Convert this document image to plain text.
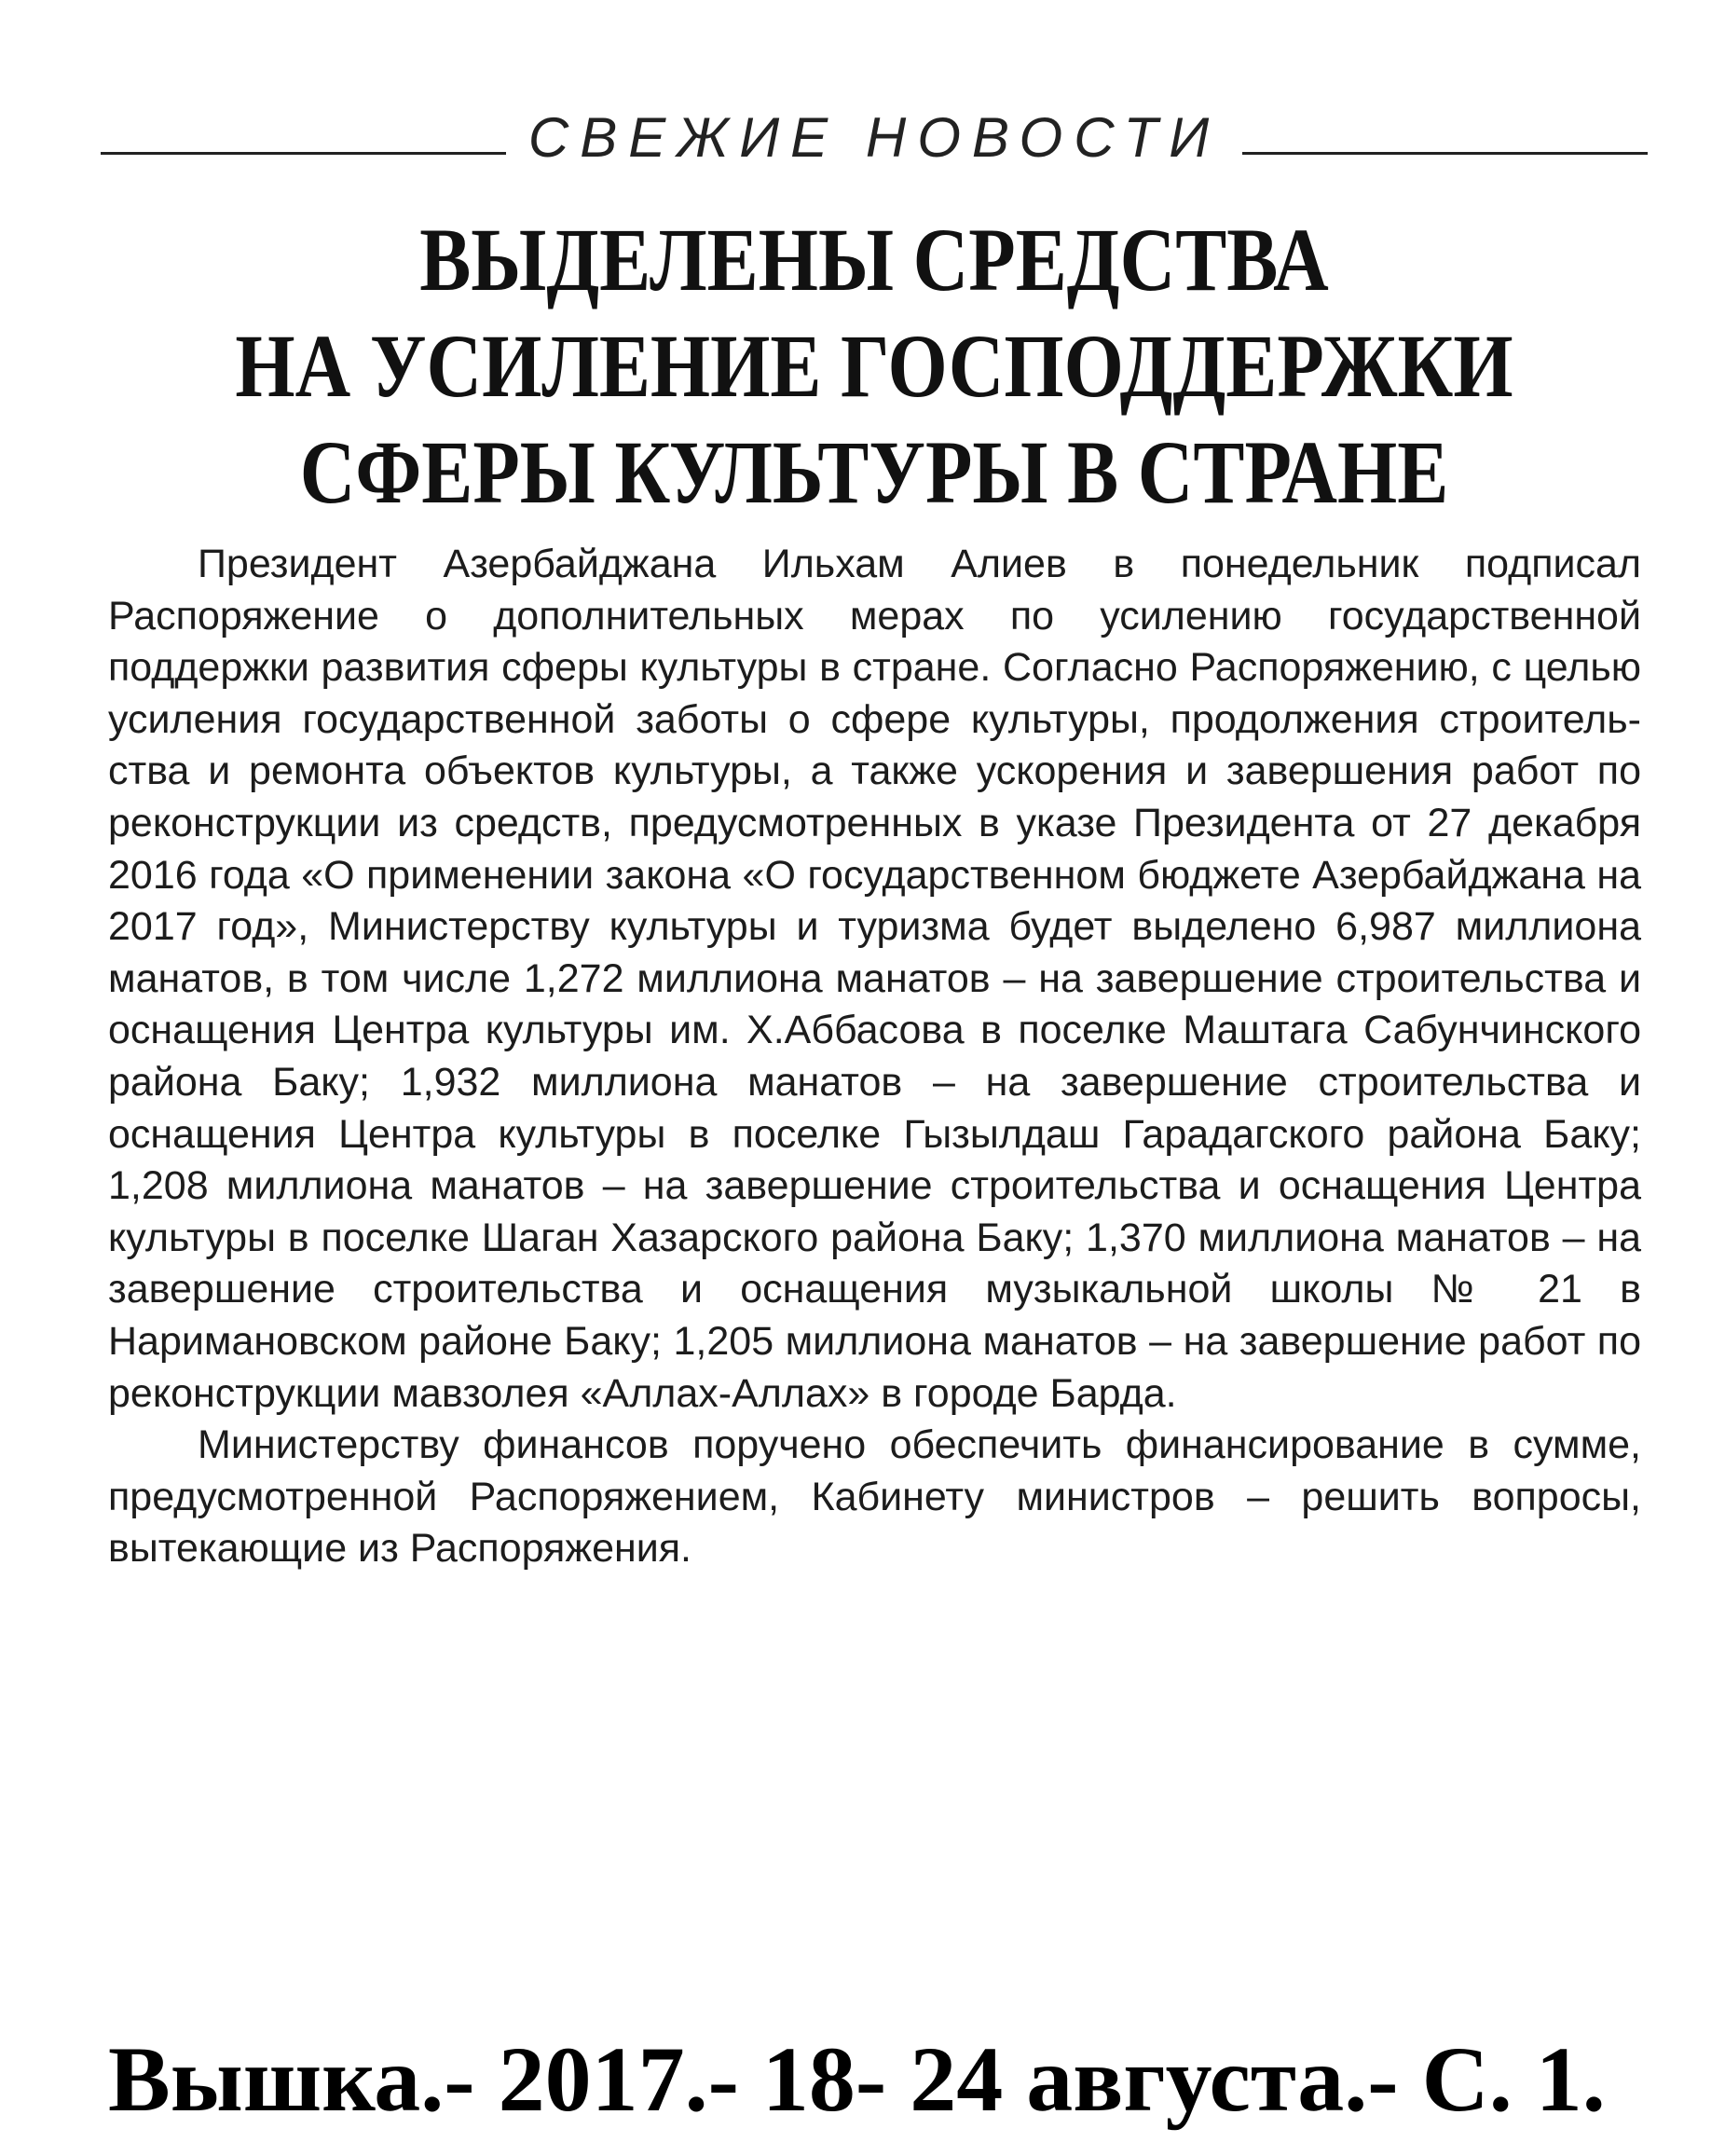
СВЕЖИЕ НОВОСТИ
ВЫДЕЛЕНЫ СРЕДСТВА
НА УСИЛЕНИЕ ГОСПОДДЕРЖКИ
СФЕРЫ КУЛЬТУРЫ В СТРАНЕ

Президент Азербайджана Ильхам Алиев в понедельник подписал Распоряжение о дополнительных мерах по усилению государственной поддержки развития сферы культуры в стране. Согласно Распоряжению, с целью усиления государственной заботы о сфере культуры, продолжения строительства и ремонта объектов культуры, а также ускорения и завершения работ по реконструкции из средств, предусмотренных в указе Президента от 27 декабря 2016 года «О применении закона «О государственном бюджете Азербайджана на 2017 год», Министерству культуры и туризма будет выделено 6,987 миллиона манатов, в том числе 1,272 миллиона манатов – на завершение строительства и оснащения Центра культуры им. Х.Аббасова в поселке Маштага Сабунчинского района Баку; 1,932 миллиона манатов – на завершение строительства и оснащения Центра культуры в поселке Гызылдаш Гарадагского района Баку; 1,208 миллиона манатов – на завершение строительства и оснащения Центра культуры в поселке Шаган Хазарского района Баку; 1,370 миллиона манатов – на завершение строительства и оснащения музыкальной школы № 21 в Наримановском районе Баку; 1,205 миллиона манатов – на завершение работ по реконструкции мавзолея «Аллах-Аллах» в городе Барда.

Министерству финансов поручено обеспечить финансирование в сумме, предусмотренной Распоряжением, Кабинету министров – решить вопросы, вытекающие из Распоряжения.

Вышка.- 2017.- 18- 24 августа.- С. 1.
